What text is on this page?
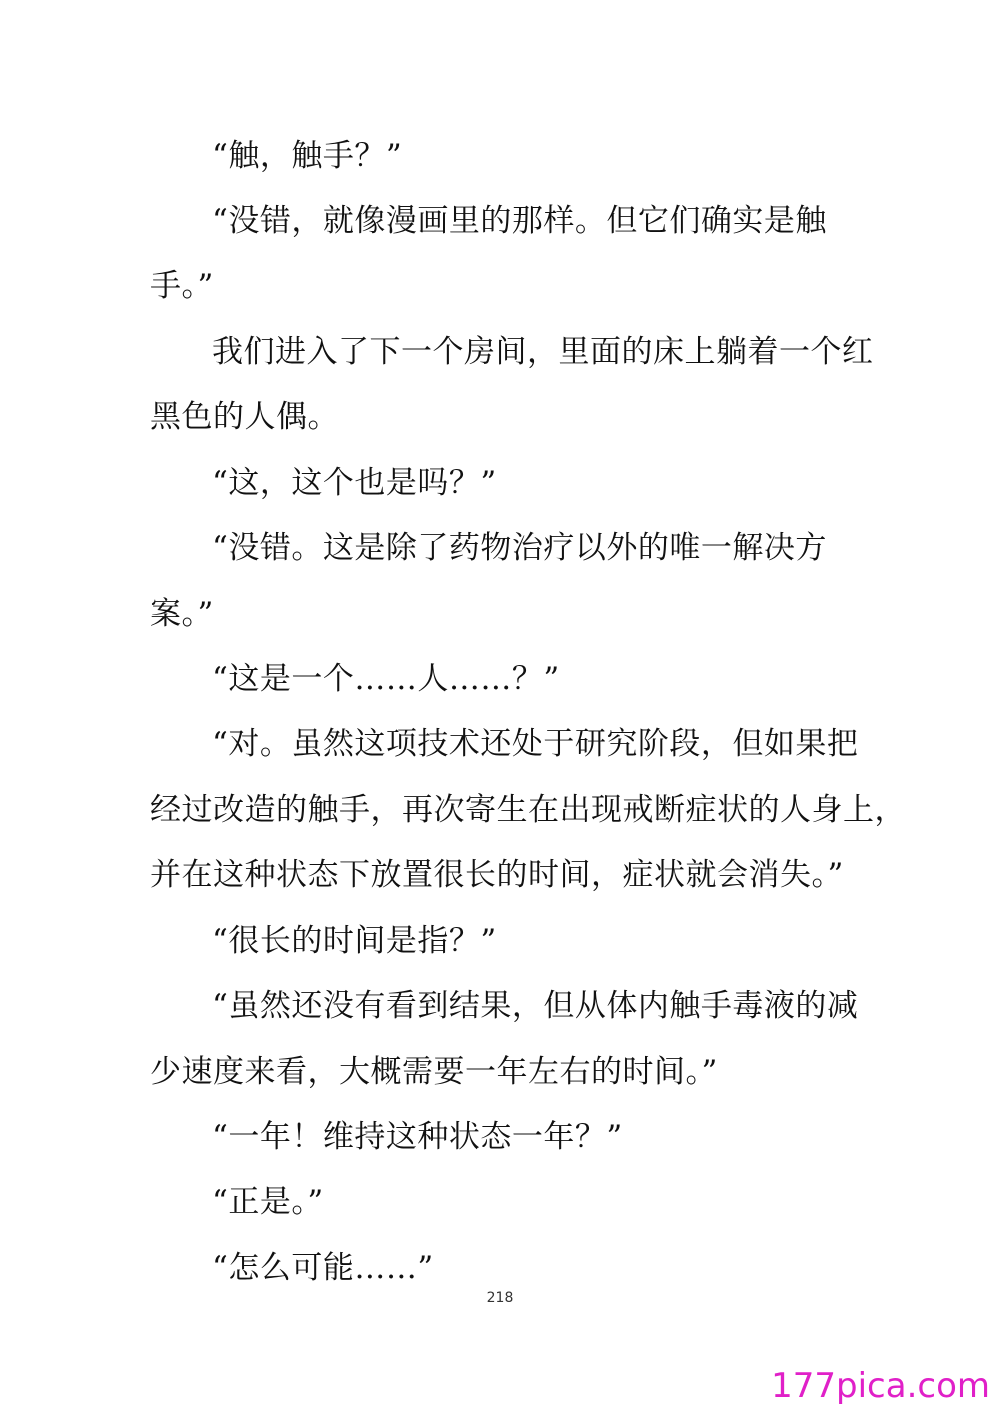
“触，触手？”
“没错，就像漫画里的那样。但它们确实是触
手。”
我们进入了下一个房间，里面的床上躺着一个红
黑色的人偶。
“这，这个也是吗？”
“没错。这是除了药物治疗以外的唯一解决方
案。”
“这是一个……人……？”
“对。虽然这项技术还处于研究阶段，但如果把
经过改造的触手，再次寄生在出现戒断症状的人身上，
并在这种状态下放置很长的时间，症状就会消失。”
“很长的时间是指？”
“虽然还没有看到结果，但从体内触手毒液的减
少速度来看，大概需要一年左右的时间。”
“一年！维持这种状态一年？”
“正是。”
“怎么可能……”
218
177pica.com
